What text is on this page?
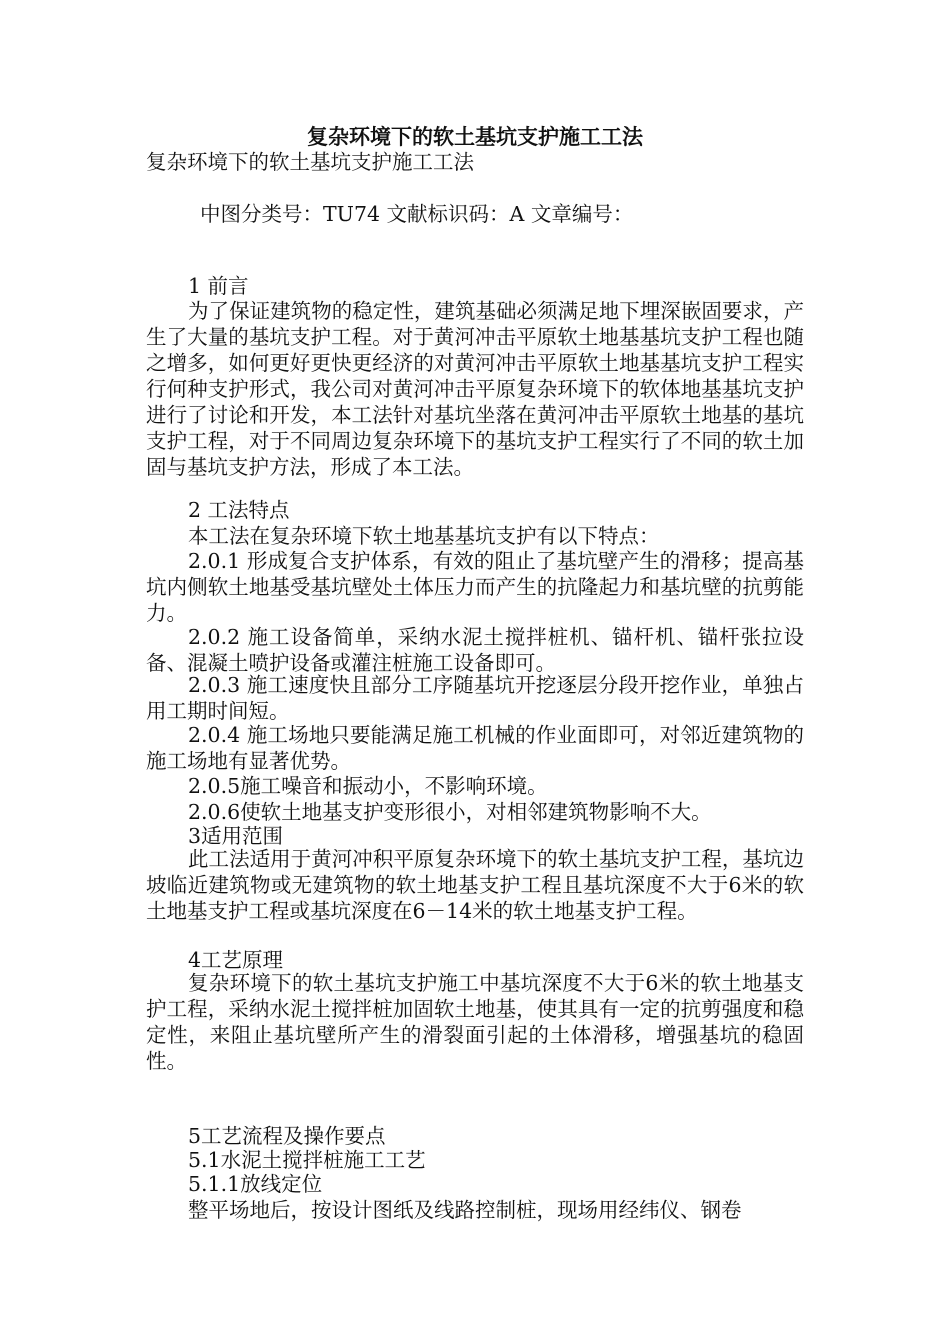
复杂环境下的软土基坑支护施工工法
复杂环境下的软土基坑支护施工工法
中图分类号：TU74 文献标识码：A 文章编号：
1 前言

为了保证建筑物的稳定性，建筑基础必须满足地下埋深嵌固要求，产生了大量的基坑支护工程。对于黄河冲击平原软土地基基坑支护工程也随之增多，如何更好更快更经济的对黄河冲击平原软土地基基坑支护工程实行何种支护形式，我公司对黄河冲击平原复杂环境下的软体地基基坑支护进行了讨论和开发，本工法针对基坑坐落在黄河冲击平原软土地基的基坑支护工程，对于不同周边复杂环境下的基坑支护工程实行了不同的软土加固与基坑支护方法，形成了本工法。

2 工法特点
本工法在复杂环境下软土地基基坑支护有以下特点：

2.0.1 形成复合支护体系，有效的阻止了基坑壁产生的滑移；提高基坑内侧软土地基受基坑壁处土体压力而产生的抗隆起力和基坑壁的抗剪能力。

2.0.2 施工设备简单，采纳水泥土搅拌桩机、锚杆机、锚杆张拉设备、混凝土喷护设备或灌注桩施工设备即可。

2.0.3 施工速度快且部分工序随基坑开挖逐层分段开挖作业，单独占用工期时间短。

2.0.4 施工场地只要能满足施工机械的作业面即可，对邻近建筑物的施工场地有显著优势。

2.0.5施工噪音和振动小，不影响环境。
2.0.6使软土地基支护变形很小，对相邻建筑物影响不大。
3适用范围

此工法适用于黄河冲积平原复杂环境下的软土基坑支护工程，基坑边坡临近建筑物或无建筑物的软土地基支护工程且基坑深度不大于6米的软土地基支护工程或基坑深度在6－14米的软土地基支护工程。

4工艺原理

复杂环境下的软土基坑支护施工中基坑深度不大于6米的软土地基支护工程，采纳水泥土搅拌桩加固软土地基，使其具有一定的抗剪强度和稳定性，来阻止基坑壁所产生的滑裂面引起的土体滑移，增强基坑的稳固性。

5工艺流程及操作要点
5.1水泥土搅拌桩施工工艺
5.1.1放线定位
整平场地后，按设计图纸及线路控制桩，现场用经纬仪、钢卷
